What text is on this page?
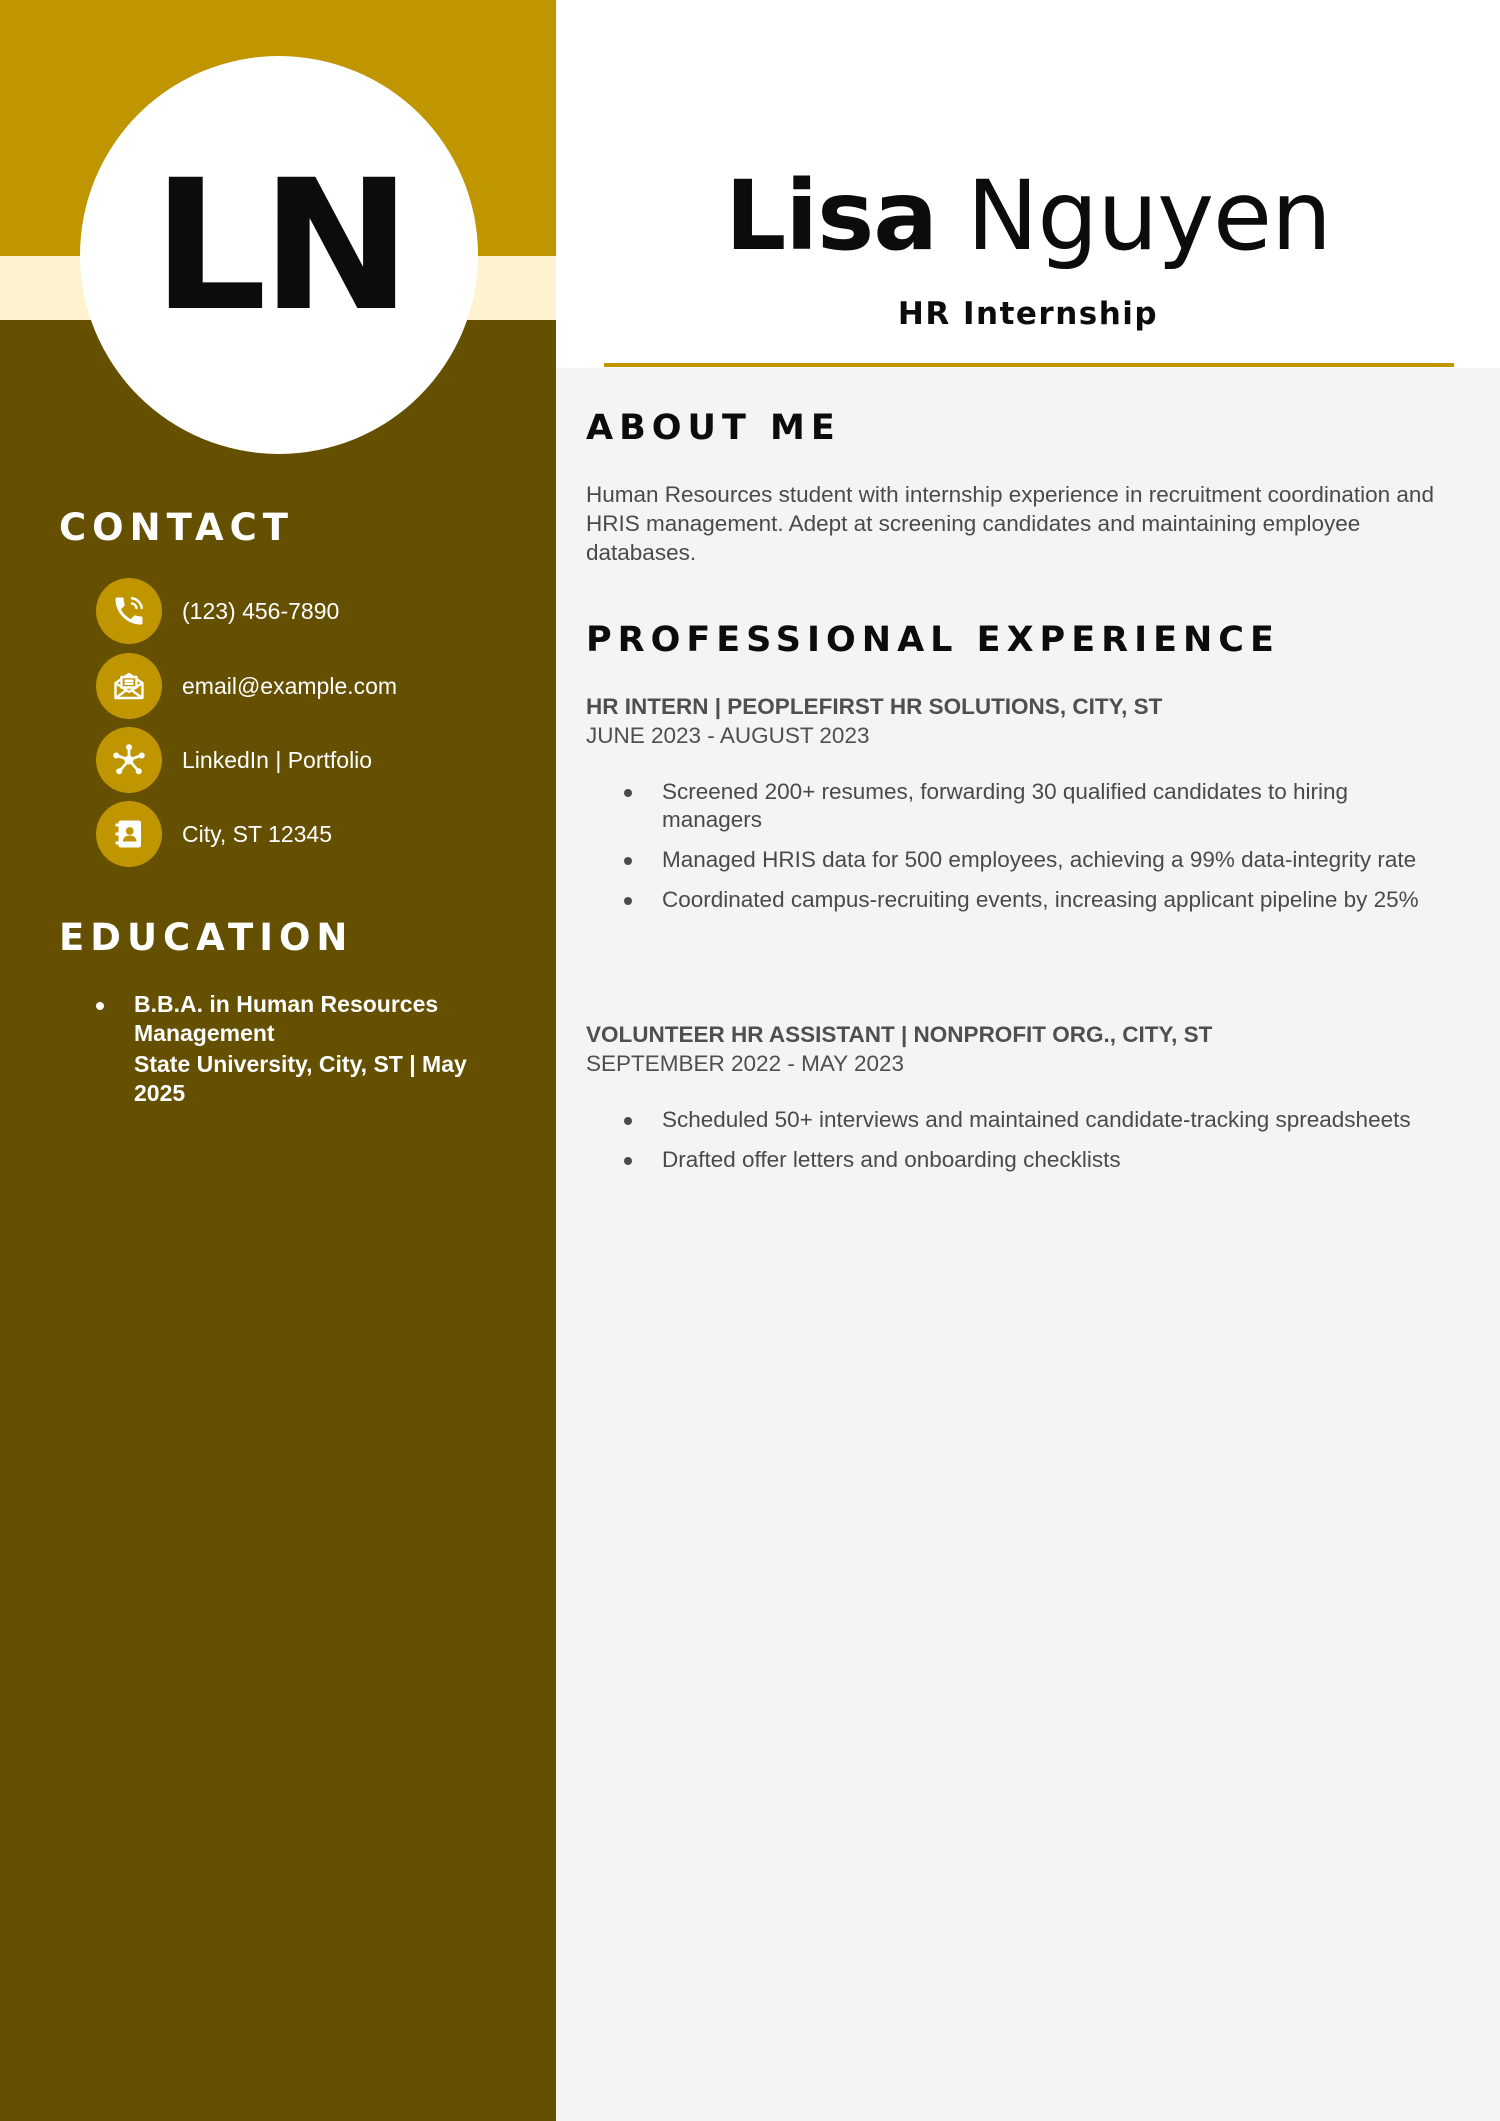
LN
CONTACT
(123) 456-7890
email@example.com
LinkedIn | Portfolio
City, ST 12345
EDUCATION
B.B.A. in Human Resources Management
State University, City, ST | May 2025
Lisa Nguyen
HR Internship
ABOUT ME
Human Resources student with internship experience in recruitment coordination and HRIS management. Adept at screening candidates and maintaining employee databases.
PROFESSIONAL EXPERIENCE
HR INTERN | PEOPLEFIRST HR SOLUTIONS, CITY, ST
JUNE 2023 - AUGUST 2023
Screened 200+ resumes, forwarding 30 qualified candidates to hiring managers
Managed HRIS data for 500 employees, achieving a 99% data-integrity rate
Coordinated campus-recruiting events, increasing applicant pipeline by 25%
VOLUNTEER HR ASSISTANT | NONPROFIT ORG., CITY, ST
SEPTEMBER 2022 - MAY 2023
Scheduled 50+ interviews and maintained candidate-tracking spreadsheets
Drafted offer letters and onboarding checklists
